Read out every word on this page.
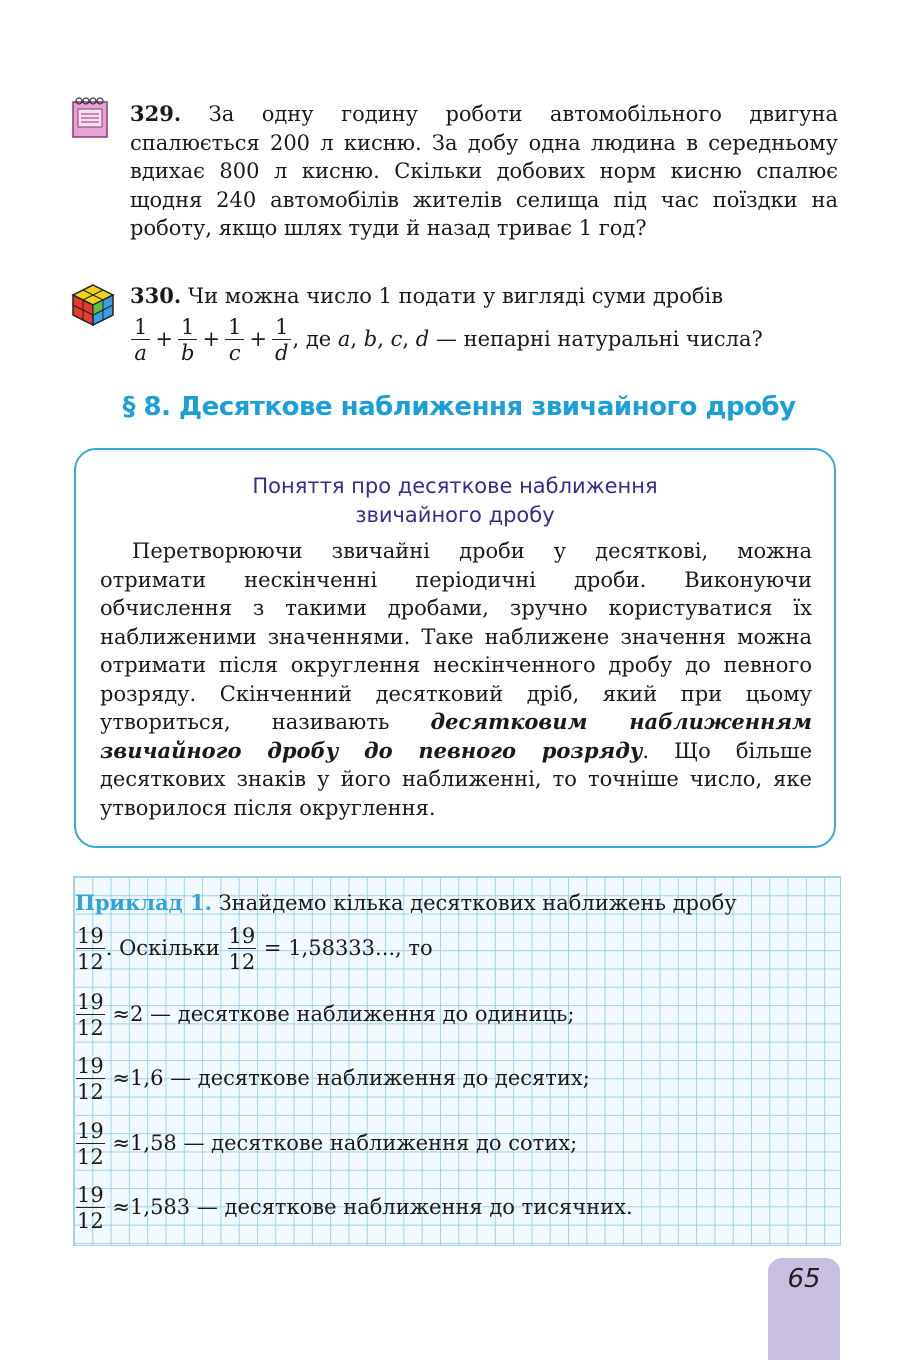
329. За одну годину роботи автомобільного двигуна спалюється 200 л кисню. За добу одна людина в середньому вдихає 800 л кисню. Скільки добових норм кисню спалює щодня 240 автомобілів жителів селища під час поїздки на роботу, якщо шлях туди й назад триває 1 год?
330. Чи можна число 1 подати у вигляді суми дробів
$\frac{1}{a} + \frac{1}{b} + \frac{1}{c} + \frac{1}{d}$ , де a, b, c, d — непарні натуральні числа?
§ 8. Десяткове наближення звичайного дробу
Поняття про десяткове наближення
звичайного дробу
Перетворюючи звичайні дроби у десяткові, можна отримати нескінченні періодичні дроби. Виконуючи обчислення з такими дробами, зручно користуватися їх наближеними значеннями. Таке наближене значення можна отримати після округлення нескінченного дробу до певного розряду. Скінченний десятковий дріб, який при цьому утвориться, називають десятковим наближенням звичайного дробу до певного розряду. Що більше десяткових знаків у його наближенні, то точніше число, яке утворилося після округлення.
Приклад 1. Знайдемо кілька десяткових наближень дробу
$\frac{19}{12}$ . Оскільки $\frac{19}{12} = 1,58333$..., то
$\frac{19}{12} \approx 2$ — десяткове наближення до одиниць;
$\frac{19}{12} \approx 1,6$ — десяткове наближення до десятих;
$\frac{19}{12} \approx 1,58$ — десяткове наближення до сотих;
$\frac{19}{12} \approx 1,583$ — десяткове наближення до тисячних.
65
